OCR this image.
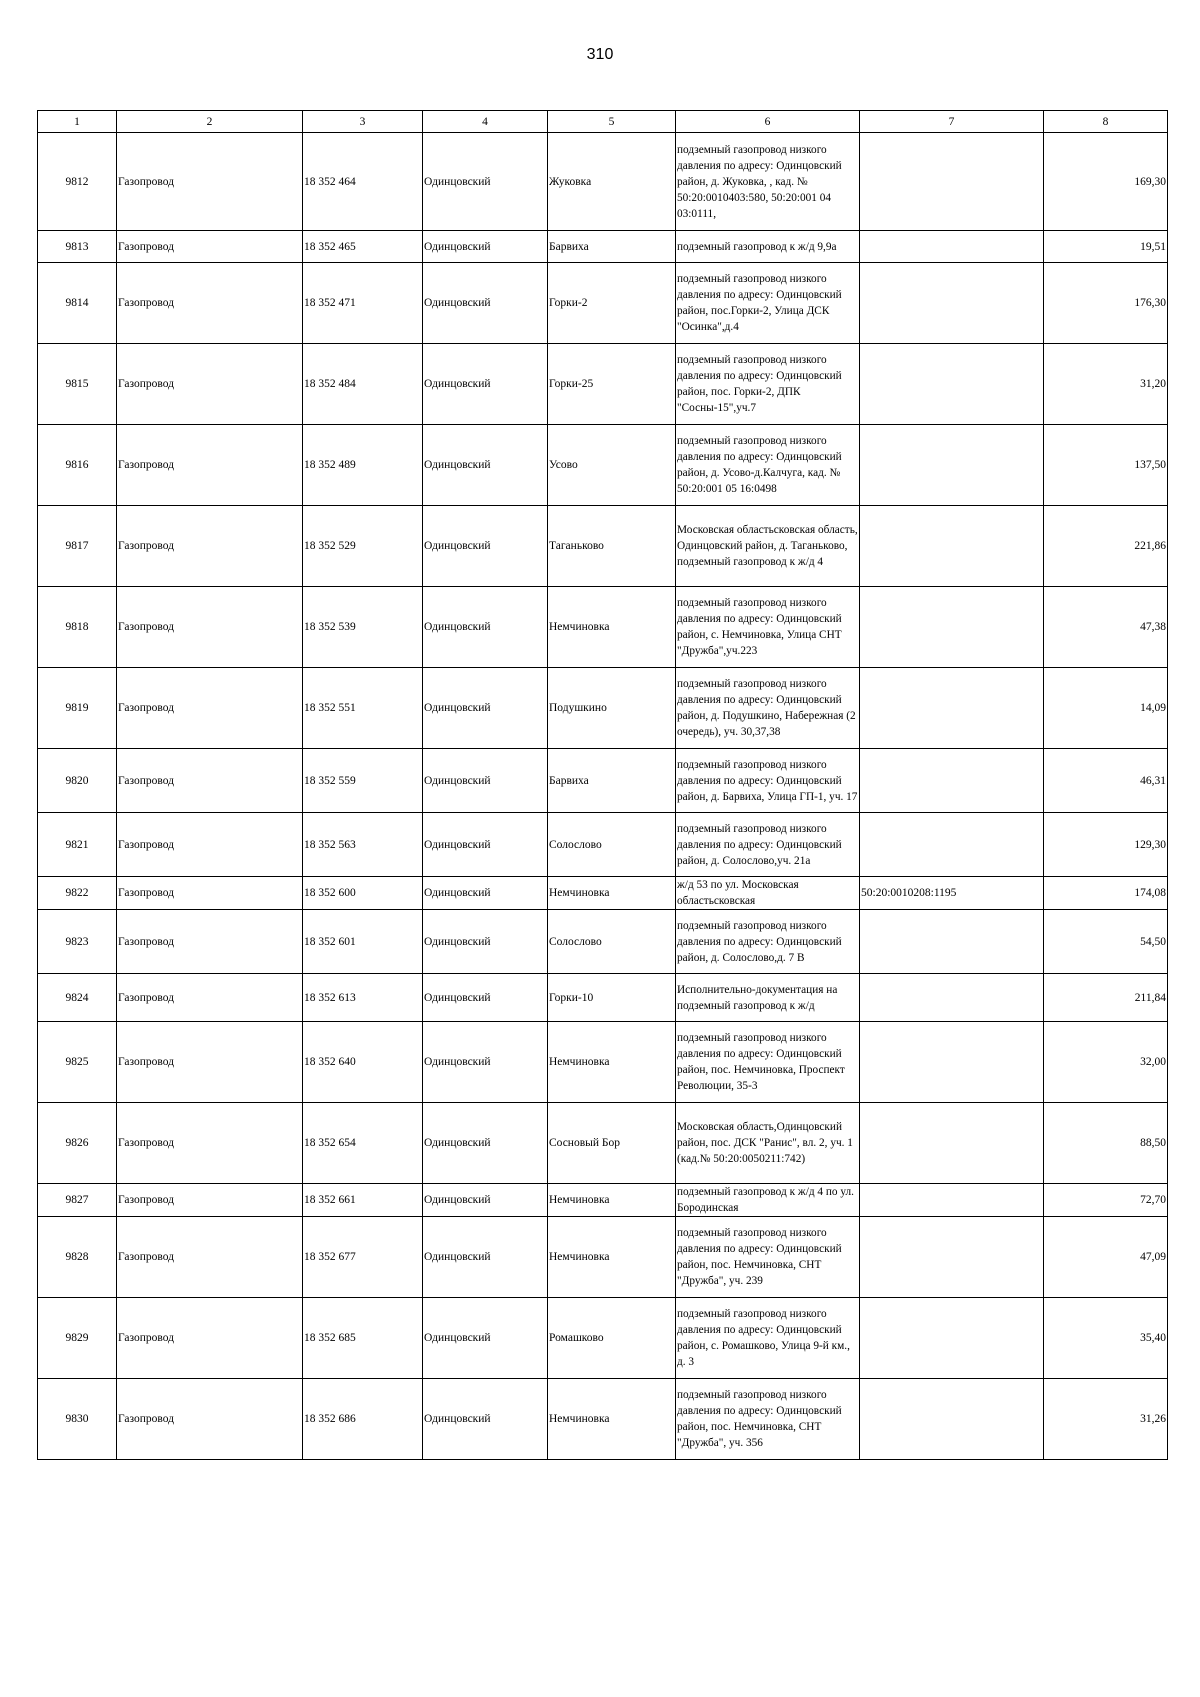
310
1	2	3	4	5	6	7	8
9812	Газопровод	18 352 464	Одинцовский	Жуковка	подземный газопровод низкого давления по адресу: Одинцовский район, д. Жуковка, , кад. № 50:20:0010403:580, 50:20:001 04 03:0111,		169,30
9813	Газопровод	18 352 465	Одинцовский	Барвиха	подземный газопровод к ж/д 9,9а		19,51
9814	Газопровод	18 352 471	Одинцовский	Горки-2	подземный газопровод низкого давления по адресу: Одинцовский район, пос.Горки-2, Улица ДСК "Осинка",д.4		176,30
9815	Газопровод	18 352 484	Одинцовский	Горки-25	подземный газопровод низкого давления по адресу: Одинцовский район, пос. Горки-2, ДПК "Сосны-15",уч.7		31,20
9816	Газопровод	18 352 489	Одинцовский	Усово	подземный газопровод низкого давления по адресу: Одинцовский район, д. Усово-д.Калчуга, кад. № 50:20:001 05 16:0498		137,50
9817	Газопровод	18 352 529	Одинцовский	Таганьково	Московская областьсковская область, Одинцовский район, д. Таганьково, подземный газопровод к ж/д 4		221,86
9818	Газопровод	18 352 539	Одинцовский	Немчиновка	подземный газопровод низкого давления по адресу: Одинцовский район, с. Немчиновка, Улица СНТ "Дружба",уч.223		47,38
9819	Газопровод	18 352 551	Одинцовский	Подушкино	подземный газопровод низкого давления по адресу: Одинцовский район, д. Подушкино, Набережная (2 очередь), уч. 30,37,38		14,09
9820	Газопровод	18 352 559	Одинцовский	Барвиха	подземный газопровод низкого давления по адресу: Одинцовский район, д. Барвиха, Улица ГП-1, уч. 17		46,31
9821	Газопровод	18 352 563	Одинцовский	Солослово	подземный газопровод низкого давления по адресу: Одинцовский район, д. Солослово,уч. 21а		129,30
9822	Газопровод	18 352 600	Одинцовский	Немчиновка	ж/д 53 по ул. Московская областьсковская	50:20:0010208:1195	174,08
9823	Газопровод	18 352 601	Одинцовский	Солослово	подземный газопровод низкого давления по адресу: Одинцовский район, д. Солослово,д. 7 В		54,50
9824	Газопровод	18 352 613	Одинцовский	Горки-10	Исполнительно-документация на подземный газопровод к ж/д		211,84
9825	Газопровод	18 352 640	Одинцовский	Немчиновка	подземный газопровод низкого давления по адресу: Одинцовский район, пос. Немчиновка, Проспект Революции, 35-3		32,00
9826	Газопровод	18 352 654	Одинцовский	Сосновый Бор	Московская область,Одинцовский район, пос. ДСК "Ранис", вл. 2, уч. 1 (кад.№ 50:20:0050211:742)		88,50
9827	Газопровод	18 352 661	Одинцовский	Немчиновка	подземный газопровод к ж/д 4 по ул. Бородинская		72,70
9828	Газопровод	18 352 677	Одинцовский	Немчиновка	подземный газопровод низкого давления по адресу: Одинцовский район, пос. Немчиновка, СНТ "Дружба", уч. 239		47,09
9829	Газопровод	18 352 685	Одинцовский	Ромашково	подземный газопровод низкого давления по адресу: Одинцовский район, с. Ромашково, Улица 9-й км., д. 3		35,40
9830	Газопровод	18 352 686	Одинцовский	Немчиновка	подземный газопровод низкого давления по адресу: Одинцовский район, пос. Немчиновка, СНТ "Дружба", уч. 356		31,26
